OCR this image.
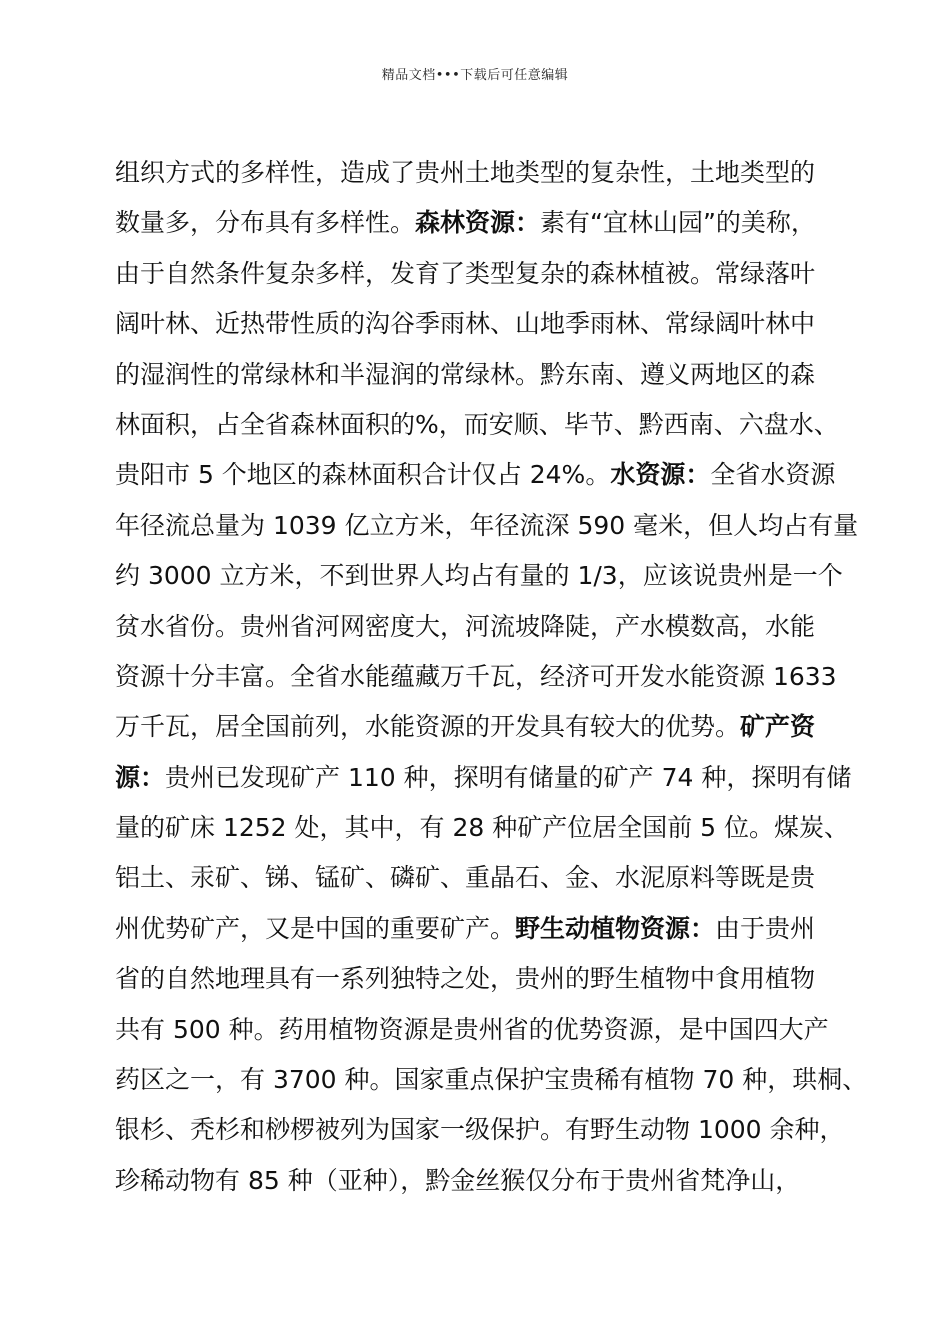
精品文档•••下载后可任意编辑
组织方式的多样性，造成了贵州土地类型的复杂性，土地类型的
数量多，分布具有多样性。森林资源：素有“宜林山园”的美称，
由于自然条件复杂多样，发育了类型复杂的森林植被。常绿落叶
阔叶林、近热带性质的沟谷季雨林、山地季雨林、常绿阔叶林中
的湿润性的常绿林和半湿润的常绿林。黔东南、遵义两地区的森
林面积，占全省森林面积的%，而安顺、毕节、黔西南、六盘水、
贵阳市 5 个地区的森林面积合计仅占 24%。水资源：全省水资源
年径流总量为 1039 亿立方米，年径流深 590 毫米，但人均占有量
约 3000 立方米，不到世界人均占有量的 1/3，应该说贵州是一个
贫水省份。贵州省河网密度大，河流坡降陡，产水模数高，水能
资源十分丰富。全省水能蕴藏万千瓦，经济可开发水能资源 1633
万千瓦，居全国前列，水能资源的开发具有较大的优势。矿产资
源：贵州已发现矿产 110 种，探明有储量的矿产 74 种，探明有储
量的矿床 1252 处，其中，有 28 种矿产位居全国前 5 位。煤炭、
铝土、汞矿、锑、锰矿、磷矿、重晶石、金、水泥原料等既是贵
州优势矿产，又是中国的重要矿产。野生动植物资源：由于贵州
省的自然地理具有一系列独特之处，贵州的野生植物中食用植物
共有 500 种。药用植物资源是贵州省的优势资源，是中国四大产
药区之一，有 3700 种。国家重点保护宝贵稀有植物 70 种，珙桐、
银杉、秃杉和桫椤被列为国家一级保护。有野生动物 1000 余种，
珍稀动物有 85 种（亚种），黔金丝猴仅分布于贵州省梵净山，
